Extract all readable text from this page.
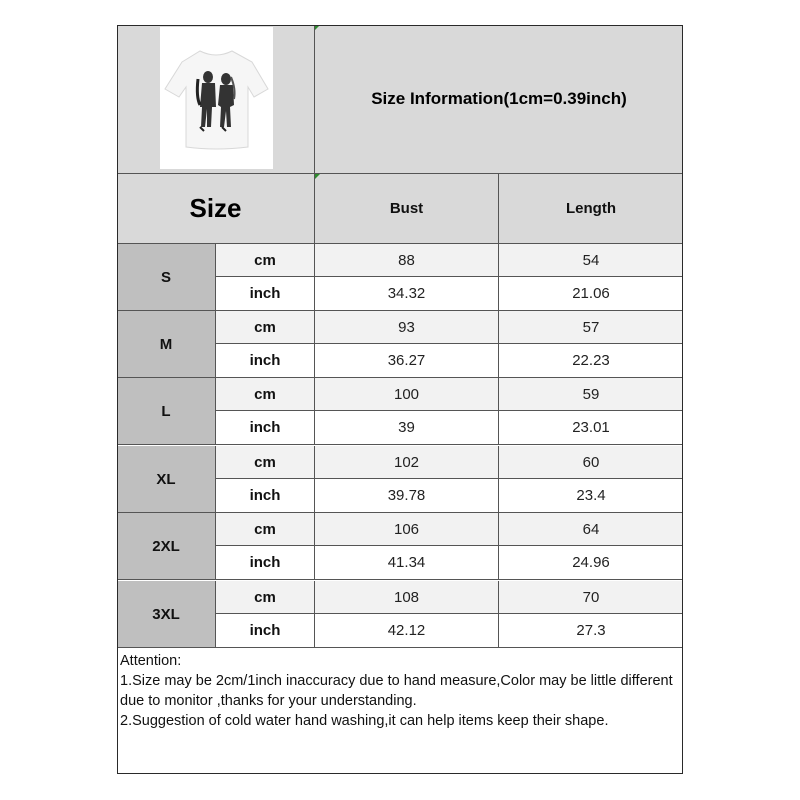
Size Information(1cm=0.39inch)
Size	Bust	Length
S
cm	88	54
inch	34.32	21.06
M
cm	93	57
inch	36.27	22.23
L
cm	100	59
inch	39	23.01
XL
cm	102	60
inch	39.78	23.4
2XL
cm	106	64
inch	41.34	24.96
3XL
cm	108	70
inch	42.12	27.3
Attention:
1.Size may be 2cm/1inch inaccuracy due to hand measure,Color may be little different due to monitor ,thanks for your understanding.
2.Suggestion of cold water hand washing,it can help items keep their shape.
